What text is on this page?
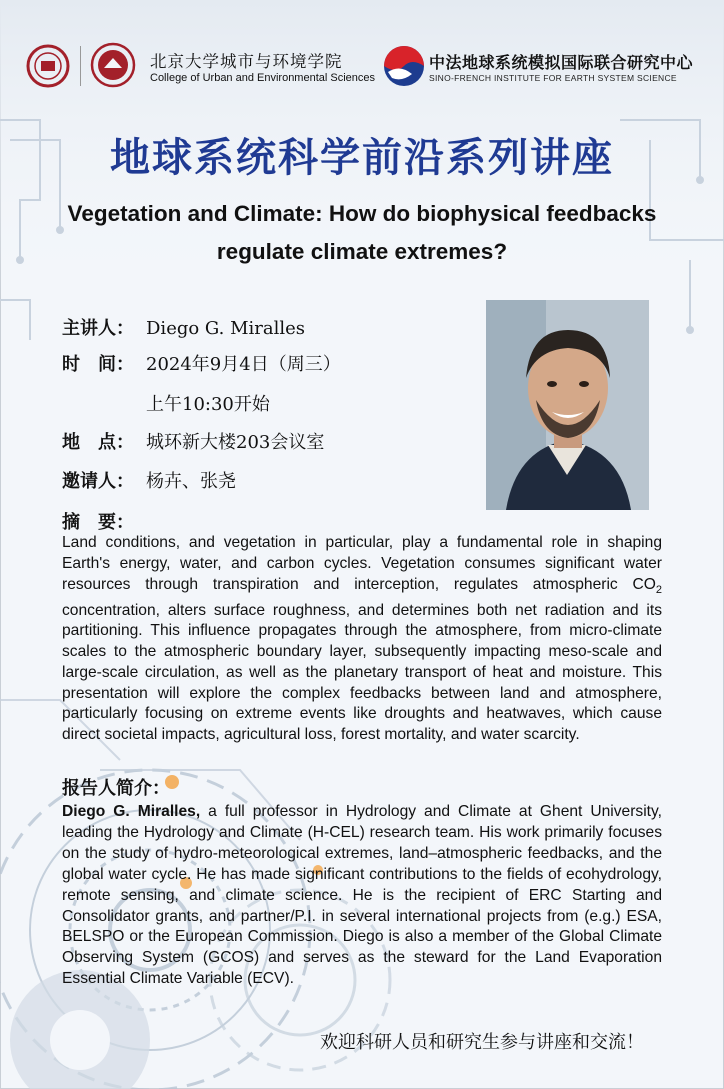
北京大学城市与环境学院
College of Urban and Environmental Sciences
中法地球系统模拟国际联合研究中心
SINO-FRENCH INSTITUTE FOR EARTH SYSTEM SCIENCE
地球系统科学前沿系列讲座
Vegetation and Climate: How do biophysical feedbacks regulate climate extremes?
主讲人： Diego G. Miralles
时　间： 2024年9月4日（周三）
上午10:30开始
地　点： 城环新大楼203会议室
邀请人： 杨卉、张尧
摘　要：
Land conditions, and vegetation in particular, play a fundamental role in shaping Earth's energy, water, and carbon cycles. Vegetation consumes significant water resources through transpiration and interception, regulates atmospheric $CO_2$ concentration, alters surface roughness, and determines both net radiation and its partitioning. This influence propagates through the atmosphere, from micro-climate scales to the atmospheric boundary layer, subsequently impacting meso-scale and large-scale circulation, as well as the planetary transport of heat and moisture. This presentation will explore the complex feedbacks between land and atmosphere, particularly focusing on extreme events like droughts and heatwaves, which cause direct societal impacts, agricultural loss, forest mortality, and water scarcity.
报告人简介：
Diego G. Miralles, a full professor in Hydrology and Climate at Ghent University, leading the Hydrology and Climate (H-CEL) research team. His work primarily focuses on the study of hydro-meteorological extremes, land–atmospheric feedbacks, and the global water cycle. He has made significant contributions to the fields of ecohydrology, remote sensing, and climate science. He is the recipient of ERC Starting and Consolidator grants, and partner/P.I. in several international projects from (e.g.) ESA, BELSPO or the European Commission. Diego is also a member of the Global Climate Observing System (GCOS) and serves as the steward for the Land Evaporation Essential Climate Variable (ECV).
欢迎科研人员和研究生参与讲座和交流！
